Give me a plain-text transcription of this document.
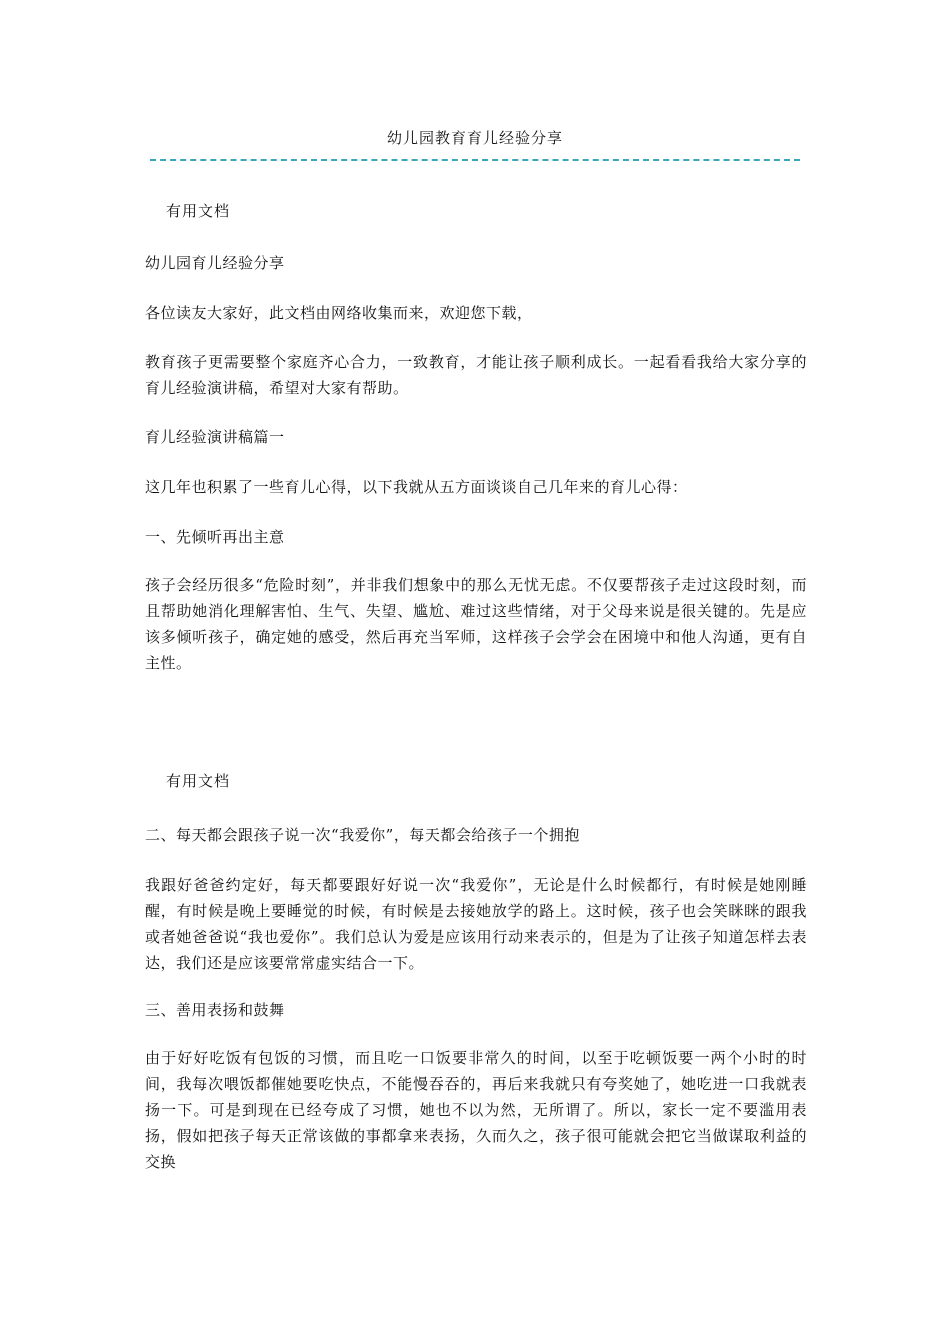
幼儿园教育育儿经验分享
有用文档
幼儿园育儿经验分享
各位读友大家好，此文档由网络收集而来，欢迎您下载，
教育孩子更需要整个家庭齐心合力，一致教育，才能让孩子顺利成长。一起看看我给大家分享的育儿经验演讲稿，希望对大家有帮助。
育儿经验演讲稿篇一
这几年也积累了一些育儿心得，以下我就从五方面谈谈自己几年来的育儿心得：
一、先倾听再出主意
孩子会经历很多“危险时刻”，并非我们想象中的那么无忧无虑。不仅要帮孩子走过这段时刻，而且帮助她消化理解害怕、生气、失望、尴尬、难过这些情绪，对于父母来说是很关键的。先是应该多倾听孩子，确定她的感受，然后再充当军师，这样孩子会学会在困境中和他人沟通，更有自主性。
有用文档
二、每天都会跟孩子说一次“我爱你”，每天都会给孩子一个拥抱
我跟好爸爸约定好，每天都要跟好好说一次“我爱你”，无论是什么时候都行，有时候是她刚睡醒，有时候是晚上要睡觉的时候，有时候是去接她放学的路上。这时候，孩子也会笑眯眯的跟我或者她爸爸说“我也爱你”。我们总认为爱是应该用行动来表示的，但是为了让孩子知道怎样去表达，我们还是应该要常常虚实结合一下。
三、善用表扬和鼓舞
由于好好吃饭有包饭的习惯，而且吃一口饭要非常久的时间，以至于吃顿饭要一两个小时的时间，我每次喂饭都催她要吃快点，不能慢吞吞的，再后来我就只有夸奖她了，她吃进一口我就表扬一下。可是到现在已经夸成了习惯，她也不以为然，无所谓了。所以，家长一定不要滥用表扬，假如把孩子每天正常该做的事都拿来表扬，久而久之，孩子很可能就会把它当做谋取利益的交换
